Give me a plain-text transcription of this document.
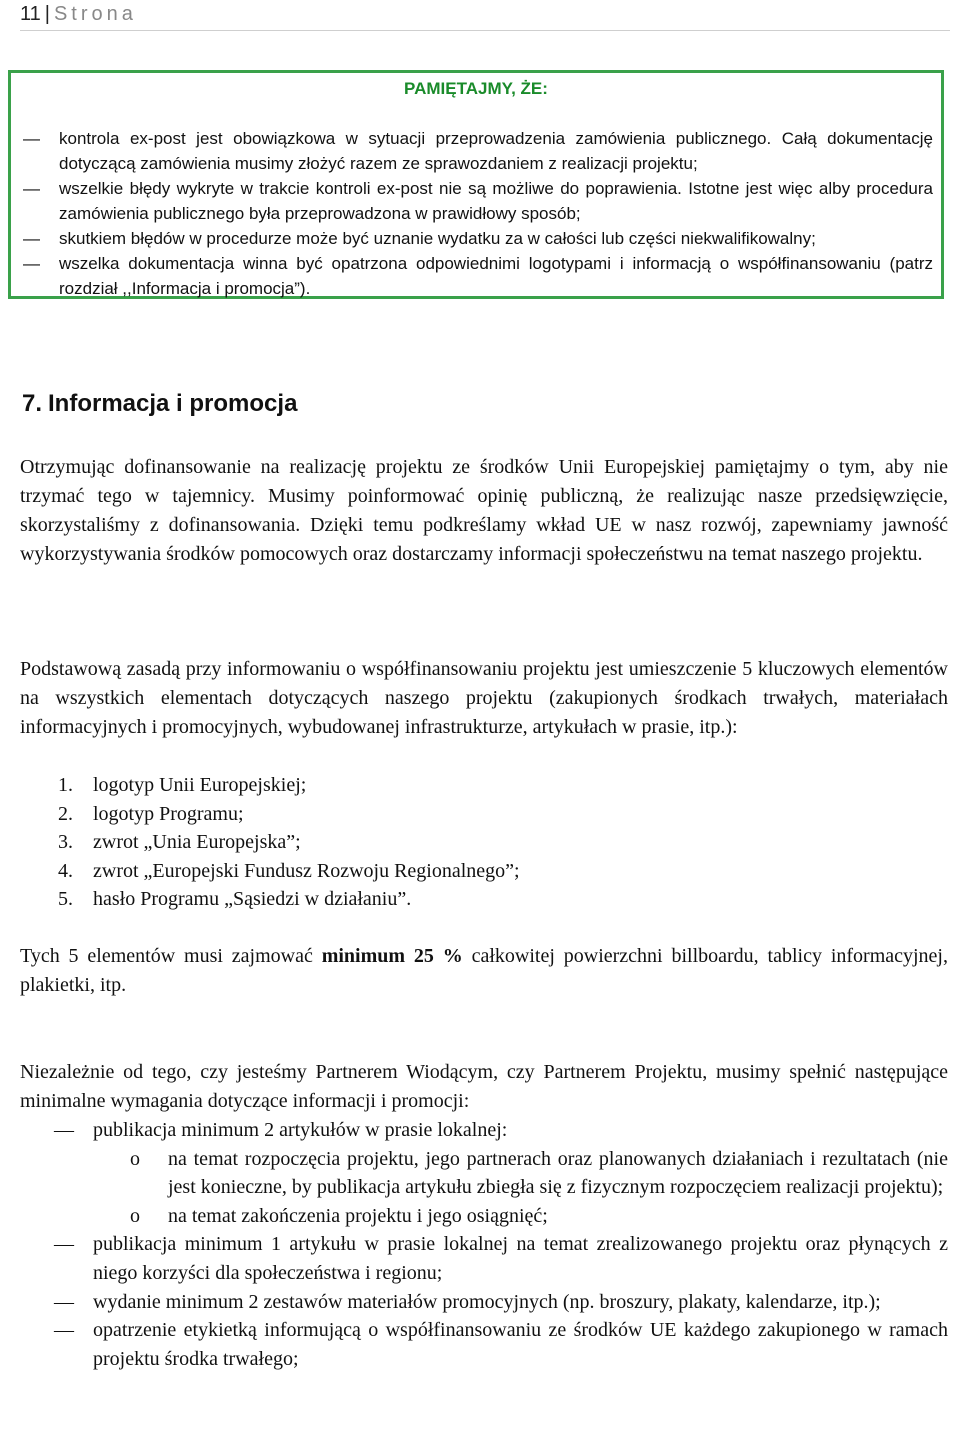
11 | Strona
PAMIĘTAJMY, ŻE:
— kontrola ex-post jest obowiązkowa w sytuacji przeprowadzenia zamówienia publicznego. Całą dokumentację dotyczącą zamówienia musimy złożyć razem ze sprawozdaniem z realizacji projektu;
— wszelkie błędy wykryte w trakcie kontroli ex-post nie są możliwe do poprawienia. Istotne jest więc alby procedura zamówienia publicznego była przeprowadzona w prawidłowy sposób;
— skutkiem błędów w procedurze może być uznanie wydatku za w całości lub części niekwalifikowalny;
— wszelka dokumentacja winna być opatrzona odpowiednimi logotypami i informacją o współfinansowaniu (patrz rozdział ,,Informacja i promocja”).
7. Informacja i promocja

Otrzymując dofinansowanie na realizację projektu ze środków Unii Europejskiej pamiętajmy o tym, aby nie trzymać tego w tajemnicy. Musimy poinformować opinię publiczną, że realizując nasze przedsięwzięcie, skorzystaliśmy z dofinansowania. Dzięki temu podkreślamy wkład UE w nasz rozwój, zapewniamy jawność wykorzystywania środków pomocowych oraz dostarczamy informacji społeczeństwu na temat naszego projektu.

Podstawową zasadą przy informowaniu o współfinansowaniu projektu jest umieszczenie 5 kluczowych elementów na wszystkich elementach dotyczących naszego projektu (zakupionych środkach trwałych, materiałach informacyjnych i promocyjnych, wybudowanej infrastrukturze, artykułach w prasie, itp.):

1. logotyp Unii Europejskiej;
2. logotyp Programu;
3. zwrot „Unia Europejska”;
4. zwrot „Europejski Fundusz Rozwoju Regionalnego”;
5. hasło Programu „Sąsiedzi w działaniu”.

Tych 5 elementów musi zajmować minimum 25 % całkowitej powierzchni billboardu, tablicy informacyjnej, plakietki, itp.

Niezależnie od tego, czy jesteśmy Partnerem Wiodącym, czy Partnerem Projektu, musimy spełnić następujące minimalne wymagania dotyczące informacji i promocji:

— publikacja minimum 2 artykułów w prasie lokalnej:
o na temat rozpoczęcia projektu, jego partnerach oraz planowanych działaniach i rezultatach (nie jest konieczne, by publikacja artykułu zbiegła się z fizycznym rozpoczęciem realizacji projektu);
o na temat zakończenia projektu i jego osiągnięć;
— publikacja minimum 1 artykułu w prasie lokalnej na temat zrealizowanego projektu oraz płynących z niego korzyści dla społeczeństwa i regionu;
— wydanie minimum 2 zestawów materiałów promocyjnych (np. broszury, plakaty, kalendarze, itp.);
— opatrzenie etykietką informującą o współfinansowaniu ze środków UE każdego zakupionego w ramach projektu środka trwałego;
